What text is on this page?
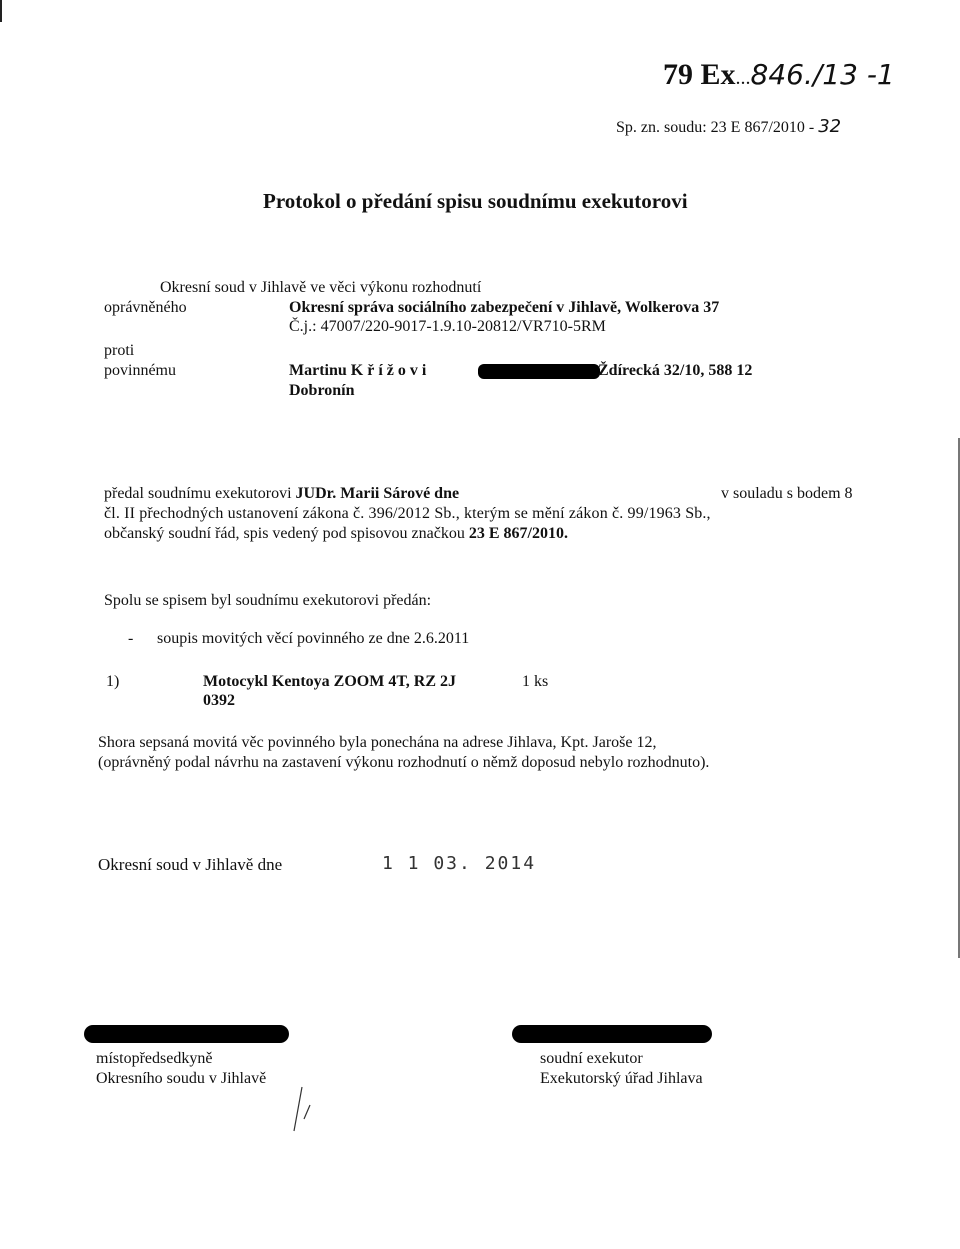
79 Ex...846./13 -1
Sp. zn. soudu: 23 E 867/2010 - 32
Protokol o předání spisu soudnímu exekutorovi
Okresní soud v Jihlavě ve věci výkonu rozhodnutí
oprávněného	Okresní správa sociálního zabezpečení v Jihlavě, Wolkerova 37
Č.j.: 47007/220-9017-1.9.10-20812/VR710-5RM
proti
povinnému	Martinu K ř í ž o v i	Ždírecká 32/10, 588 12
Dobronín
předal soudnímu exekutorovi JUDr. Marii Sárové dne	v souladu s bodem 8
čl. II přechodných ustanovení zákona č. 396/2012 Sb., kterým se mění zákon č. 99/1963 Sb.,
občanský soudní řád, spis vedený pod spisovou značkou 23 E 867/2010.
Spolu se spisem byl soudnímu exekutorovi předán:
- soupis movitých věcí povinného ze dne 2.6.2011
1)	Motocykl Kentoya ZOOM 4T, RZ 2J	1 ks
0392
Shora sepsaná movitá věc povinného byla ponechána na adrese Jihlava, Kpt. Jaroše 12,
(oprávněný podal návrhu na zastavení výkonu rozhodnutí o němž doposud nebylo rozhodnuto).
Okresní soud v Jihlavě dne	1 1 03. 2014
místopředsedkyně
Okresního soudu v Jihlavě
soudní exekutor
Exekutorský úřad Jihlava
